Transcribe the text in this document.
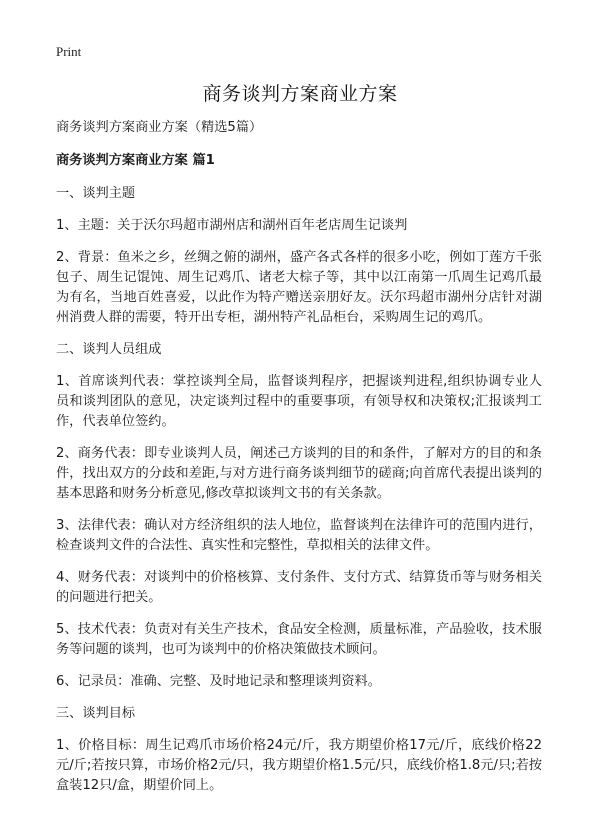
Print
商务谈判方案商业方案

商务谈判方案商业方案（精选5篇）

商务谈判方案商业方案 篇1

一、谈判主题

1、主题：关于沃尔玛超市湖州店和湖州百年老店周生记谈判

2、背景：鱼米之乡，丝绸之俯的湖州，盛产各式各样的很多小吃，例如丁莲方千张包子、周生记馄饨、周生记鸡爪、诸老大棕子等，其中以江南第一爪周生记鸡爪最为有名，当地百姓喜爱，以此作为特产赠送亲朋好友。沃尔玛超市湖州分店针对湖州消费人群的需要，特开出专柜，湖州特产礼品柜台，采购周生记的鸡爪。

二、谈判人员组成

1、首席谈判代表：掌控谈判全局，监督谈判程序，把握谈判进程,组织协调专业人员和谈判团队的意见，决定谈判过程中的重要事项，有领导权和决策权;汇报谈判工作，代表单位签约。

2、商务代表：即专业谈判人员，阐述己方谈判的目的和条件，了解对方的目的和条件，找出双方的分歧和差距,与对方进行商务谈判细节的磋商;向首席代表提出谈判的基本思路和财务分析意见,修改草拟谈判文书的有关条款。

3、法律代表：确认对方经济组织的法人地位，监督谈判在法律许可的范围内进行，检查谈判文件的合法性、真实性和完整性，草拟相关的法律文件。

4、财务代表：对谈判中的价格核算、支付条件、支付方式、结算货币等与财务相关的问题进行把关。

5、技术代表：负责对有关生产技术，食品安全检测，质量标准，产品验收，技术服务等问题的谈判，也可为谈判中的价格决策做技术顾问。

6、记录员：准确、完整、及时地记录和整理谈判资料。

三、谈判目标

1、价格目标：周生记鸡爪市场价格24元/斤，我方期望价格17元/斤，底线价格22元/斤;若按只算，市场价格2元/只，我方期望价格1.5元/只，底线价格1.8元/只;若按盒装12只/盒，期望价同上。
